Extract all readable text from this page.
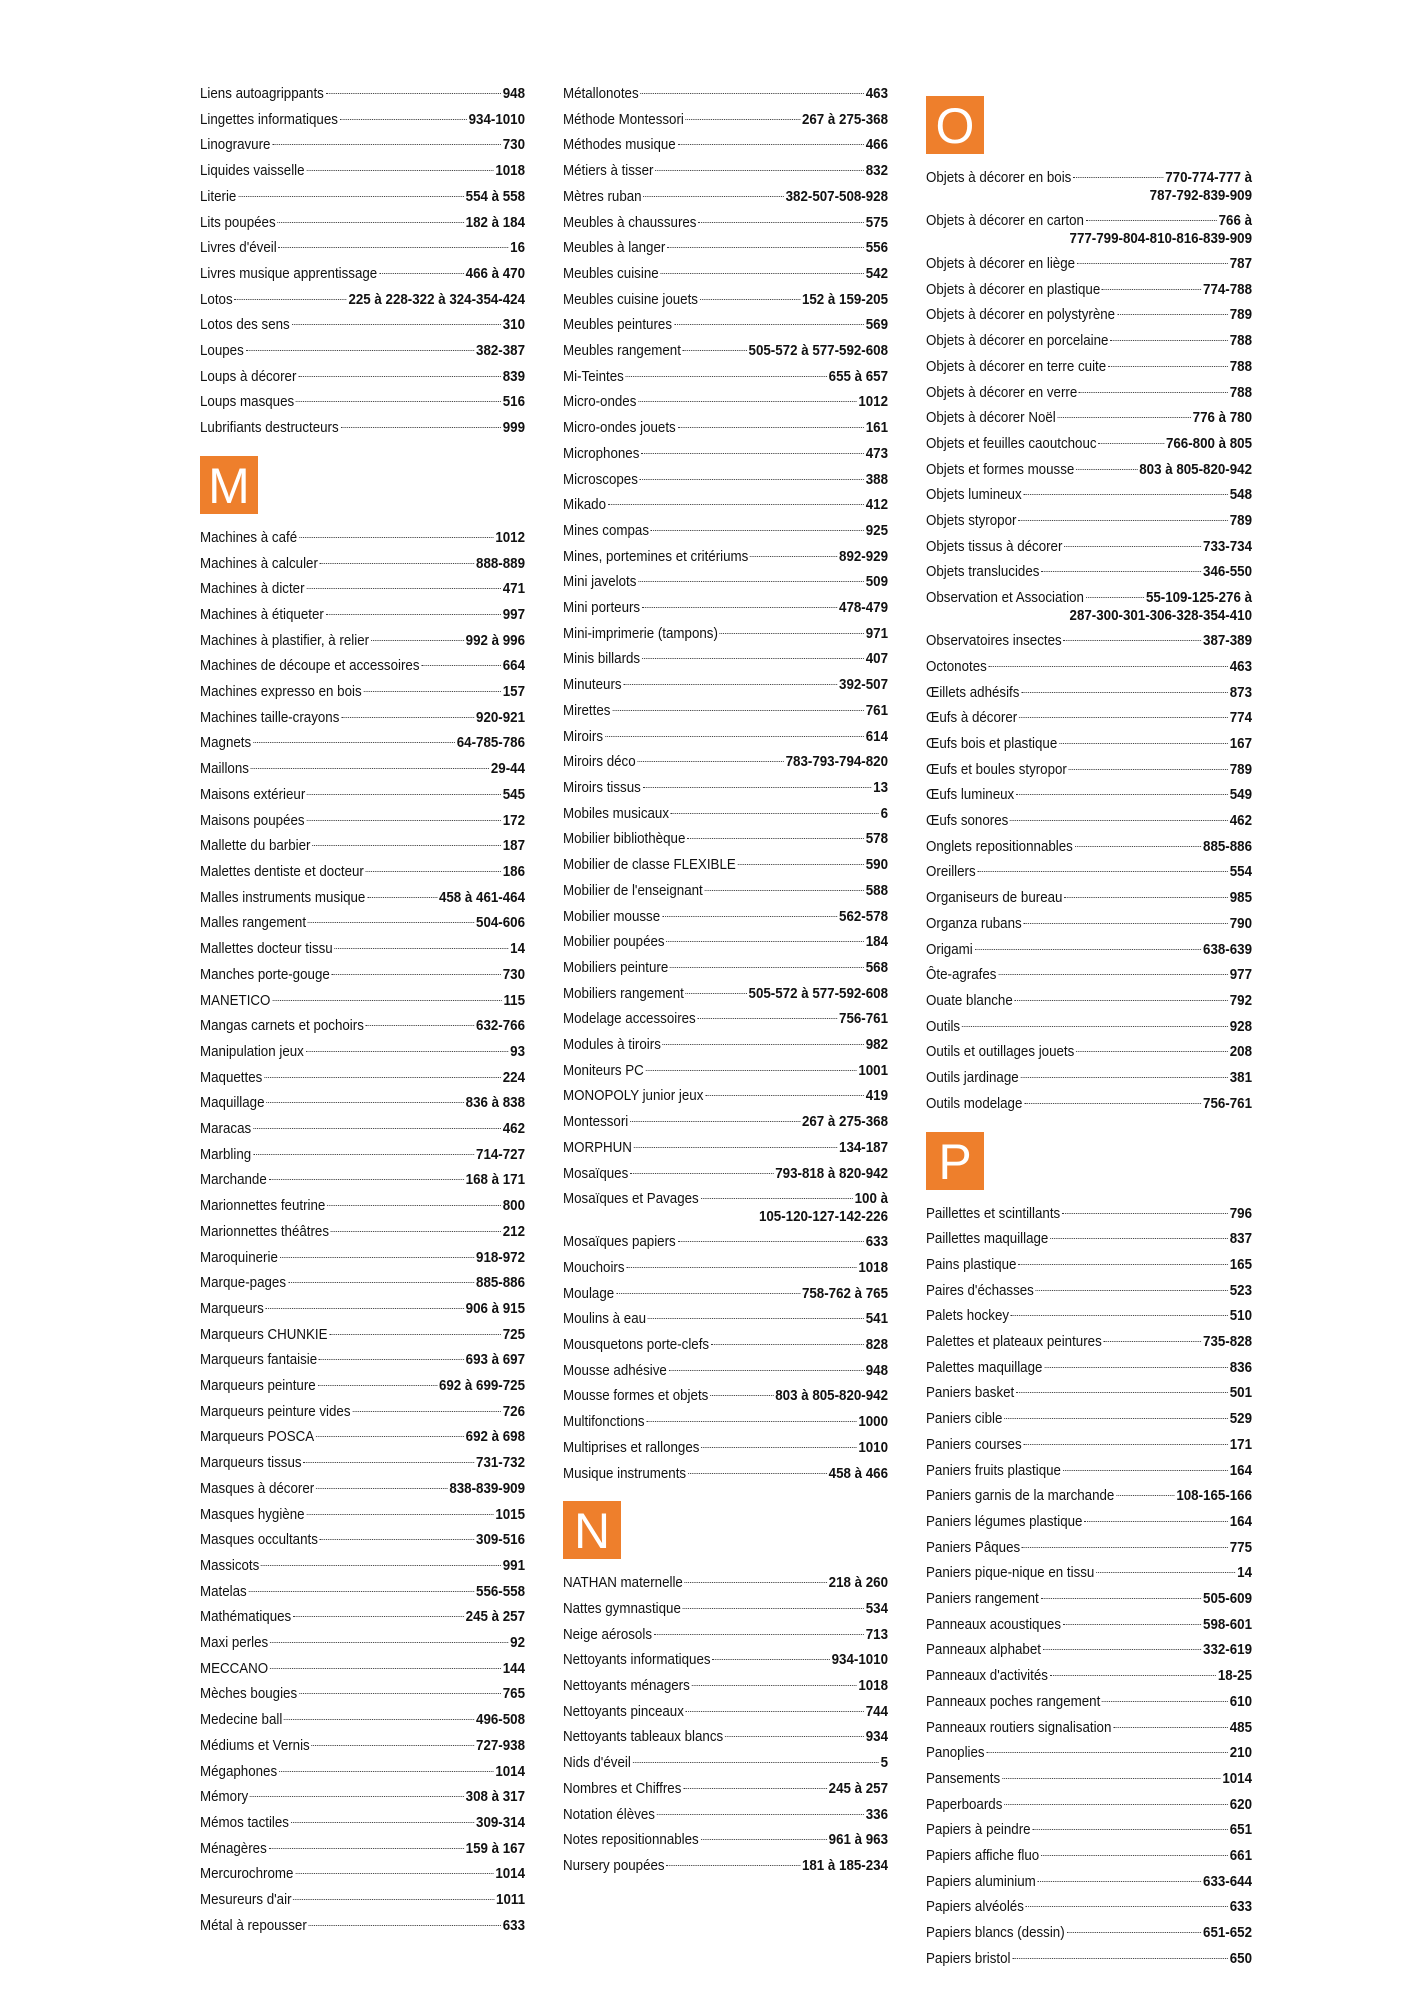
Liens autoagrippants	948
Lingettes informatiques	934-1010
Linogravure	730
Liquides vaisselle	1018
Literie	554 à 558
Lits poupées	182 à 184
Livres d'éveil	16
Livres musique apprentissage	466 à 470
Lotos	225 à 228-322 à 324-354-424
Lotos des sens	310
Loupes	382-387
Loups à décorer	839
Loups masques	516
Lubrifiants destructeurs	999
M
Machines à café	1012
Machines à calculer	888-889
Machines à dicter	471
Machines à étiqueter	997
Machines à plastifier, à relier	992 à 996
Machines de découpe et accessoires	664
Machines expresso en bois	157
Machines taille-crayons	920-921
Magnets	64-785-786
Maillons	29-44
Maisons extérieur	545
Maisons poupées	172
Mallette du barbier	187
Malettes dentiste et docteur	186
Malles instruments musique	458 à 461-464
Malles rangement	504-606
Mallettes docteur tissu	14
Manches porte-gouge	730
MANETICO	115
Mangas carnets et pochoirs	632-766
Manipulation jeux	93
Maquettes	224
Maquillage	836 à 838
Maracas	462
Marbling	714-727
Marchande	168 à 171
Marionnettes feutrine	800
Marionnettes théâtres	212
Maroquinerie	918-972
Marque-pages	885-886
Marqueurs	906 à 915
Marqueurs CHUNKIE	725
Marqueurs fantaisie	693 à 697
Marqueurs peinture	692 à 699-725
Marqueurs peinture vides	726
Marqueurs POSCA	692 à 698
Marqueurs tissus	731-732
Masques à décorer	838-839-909
Masques hygiène	1015
Masques occultants	309-516
Massicots	991
Matelas	556-558
Mathématiques	245 à 257
Maxi perles	92
MECCANO	144
Mèches bougies	765
Medecine ball	496-508
Médiums et Vernis	727-938
Mégaphones	1014
Mémory	308 à 317
Mémos tactiles	309-314
Ménagères	159 à 167
Mercurochrome	1014
Mesureurs d'air	1011
Métal à repousser	633
Métallonotes	463
Méthode Montessori	267 à 275-368
Méthodes musique	466
Métiers à tisser	832
Mètres ruban	382-507-508-928
Meubles à chaussures	575
Meubles à langer	556
Meubles cuisine	542
Meubles cuisine jouets	152 à 159-205
Meubles peintures	569
Meubles rangement	505-572 à 577-592-608
Mi-Teintes	655 à 657
Micro-ondes	1012
Micro-ondes jouets	161
Microphones	473
Microscopes	388
Mikado	412
Mines compas	925
Mines, portemines et critériums	892-929
Mini javelots	509
Mini porteurs	478-479
Mini-imprimerie (tampons)	971
Minis billards	407
Minuteurs	392-507
Mirettes	761
Miroirs	614
Miroirs déco	783-793-794-820
Miroirs tissus	13
Mobiles musicaux	6
Mobilier bibliothèque	578
Mobilier de classe FLEXIBLE	590
Mobilier de l'enseignant	588
Mobilier mousse	562-578
Mobilier poupées	184
Mobiliers peinture	568
Mobiliers rangement	505-572 à 577-592-608
Modelage accessoires	756-761
Modules à tiroirs	982
Moniteurs PC	1001
MONOPOLY junior jeux	419
Montessori	267 à 275-368
MORPHUN	134-187
Mosaïques	793-818 à 820-942
Mosaïques et Pavages	100 à
105-120-127-142-226
Mosaïques papiers	633
Mouchoirs	1018
Moulage	758-762 à 765
Moulins à eau	541
Mousquetons porte-clefs	828
Mousse adhésive	948
Mousse formes et objets	803 à 805-820-942
Multifonctions	1000
Multiprises et rallonges	1010
Musique instruments	458 à 466
N
NATHAN maternelle	218 à 260
Nattes gymnastique	534
Neige aérosols	713
Nettoyants informatiques	934-1010
Nettoyants ménagers	1018
Nettoyants pinceaux	744
Nettoyants tableaux blancs	934
Nids d'éveil	5
Nombres et Chiffres	245 à 257
Notation élèves	336
Notes repositionnables	961 à 963
Nursery poupées	181 à 185-234
O
Objets à décorer en bois	770-774-777 à
787-792-839-909
Objets à décorer en carton	766 à
777-799-804-810-816-839-909
Objets à décorer en liège	787
Objets à décorer en plastique	774-788
Objets à décorer en polystyrène	789
Objets à décorer en porcelaine	788
Objets à décorer en terre cuite	788
Objets à décorer en verre	788
Objets à décorer Noël	776 à 780
Objets et feuilles caoutchouc	766-800 à 805
Objets et formes mousse	803 à 805-820-942
Objets lumineux	548
Objets styropor	789
Objets tissus à décorer	733-734
Objets translucides	346-550
Observation et Association	55-109-125-276 à
287-300-301-306-328-354-410
Observatoires insectes	387-389
Octonotes	463
Œillets adhésifs	873
Œufs à décorer	774
Œufs bois et plastique	167
Œufs et boules styropor	789
Œufs lumineux	549
Œufs sonores	462
Onglets repositionnables	885-886
Oreillers	554
Organiseurs de bureau	985
Organza rubans	790
Origami	638-639
Ôte-agrafes	977
Ouate blanche	792
Outils	928
Outils et outillages jouets	208
Outils jardinage	381
Outils modelage	756-761
P
Paillettes et scintillants	796
Paillettes maquillage	837
Pains plastique	165
Paires d'échasses	523
Palets hockey	510
Palettes et plateaux peintures	735-828
Palettes maquillage	836
Paniers basket	501
Paniers cible	529
Paniers courses	171
Paniers fruits plastique	164
Paniers garnis de la marchande	108-165-166
Paniers légumes plastique	164
Paniers Pâques	775
Paniers pique-nique en tissu	14
Paniers rangement	505-609
Panneaux acoustiques	598-601
Panneaux alphabet	332-619
Panneaux d'activités	18-25
Panneaux poches rangement	610
Panneaux routiers signalisation	485
Panoplies	210
Pansements	1014
Paperboards	620
Papiers à peindre	651
Papiers affiche fluo	661
Papiers aluminium	633-644
Papiers alvéolés	633
Papiers blancs (dessin)	651-652
Papiers bristol	650
